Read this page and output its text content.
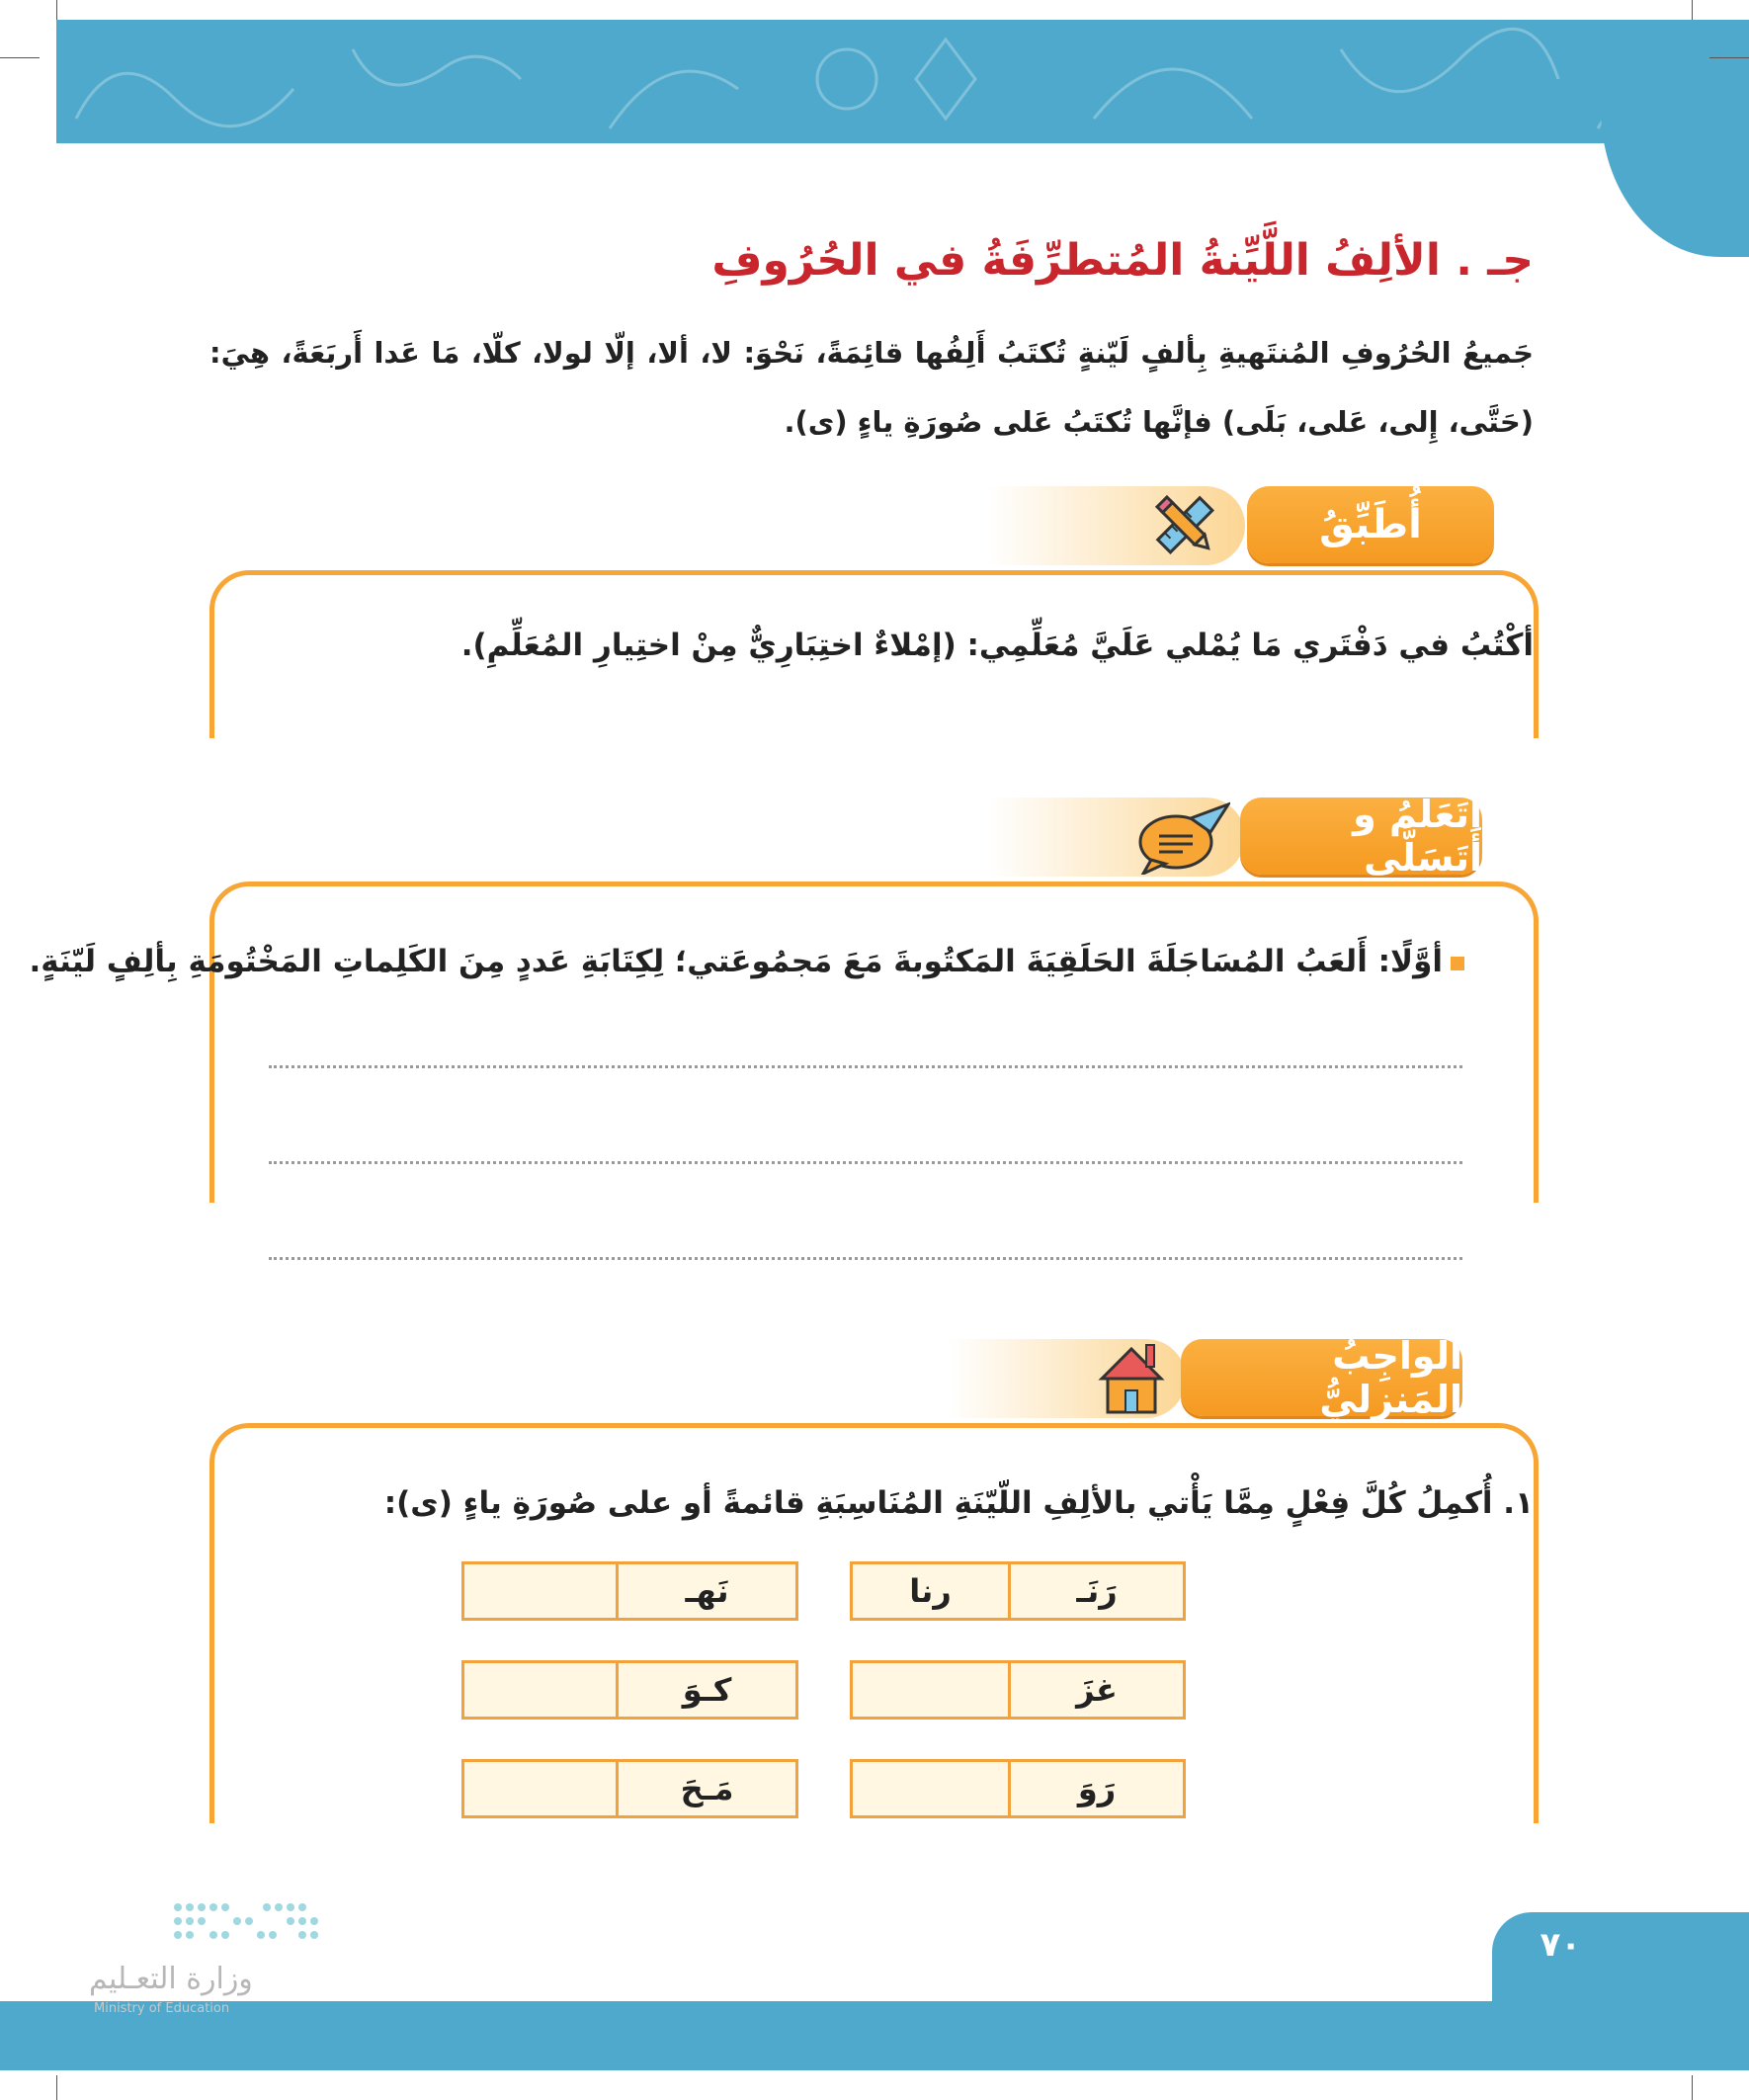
جـ . الألِفُ اللَّيِّنةُ المُتطرِّفَةُ في الحُرُوفِ
جَميعُ الحُرُوفِ المُنتَهيةِ بِألفٍ لَيّنةٍ تُكتَبُ أَلِفُها قائِمَةً، نَحْوَ: لا، ألا، إلّا لولا، كلّا، مَا عَدا أَربَعَةً، هِيَ: (حَتَّى، إِلى، عَلى، بَلَى) فإنَّها تُكتَبُ عَلى صُورَةِ ياءٍ (ى).
أُطَبِّقُ
أكْتُبُ في دَفْتَري مَا يُمْلي عَلَيَّ مُعَلِّمِي: (إمْلاءٌ اختِبَارِيٌّ مِنْ اختِيارِ المُعَلِّمِ).
أَتَعَلَّمُ و أَتَسَلَّى
أوَّلًا: أَلعَبُ المُسَاجَلَةَ الحَلَقِيَةَ المَكتُوبةَ مَعَ مَجمُوعَتي؛ لِكِتَابَةِ عَددٍ مِنَ الكَلِماتِ المَخْتُومَةِ بِألِفٍ لَيّنَةٍ.
الواجِبُ المَنزِليُّ
١. أُكمِلُ كُلَّ فِعْلٍ مِمَّا يَأْتي بالألِفِ اللّيّنَةِ المُنَاسِبَةِ قائمةً أو على صُورَةِ ياءٍ (ى):
رَنَـ
رنا
غزَ
رَوَ
نَهـ
كـوَ
مَـحَ
٧٠
وزارة التعـليم
Ministry of Education
